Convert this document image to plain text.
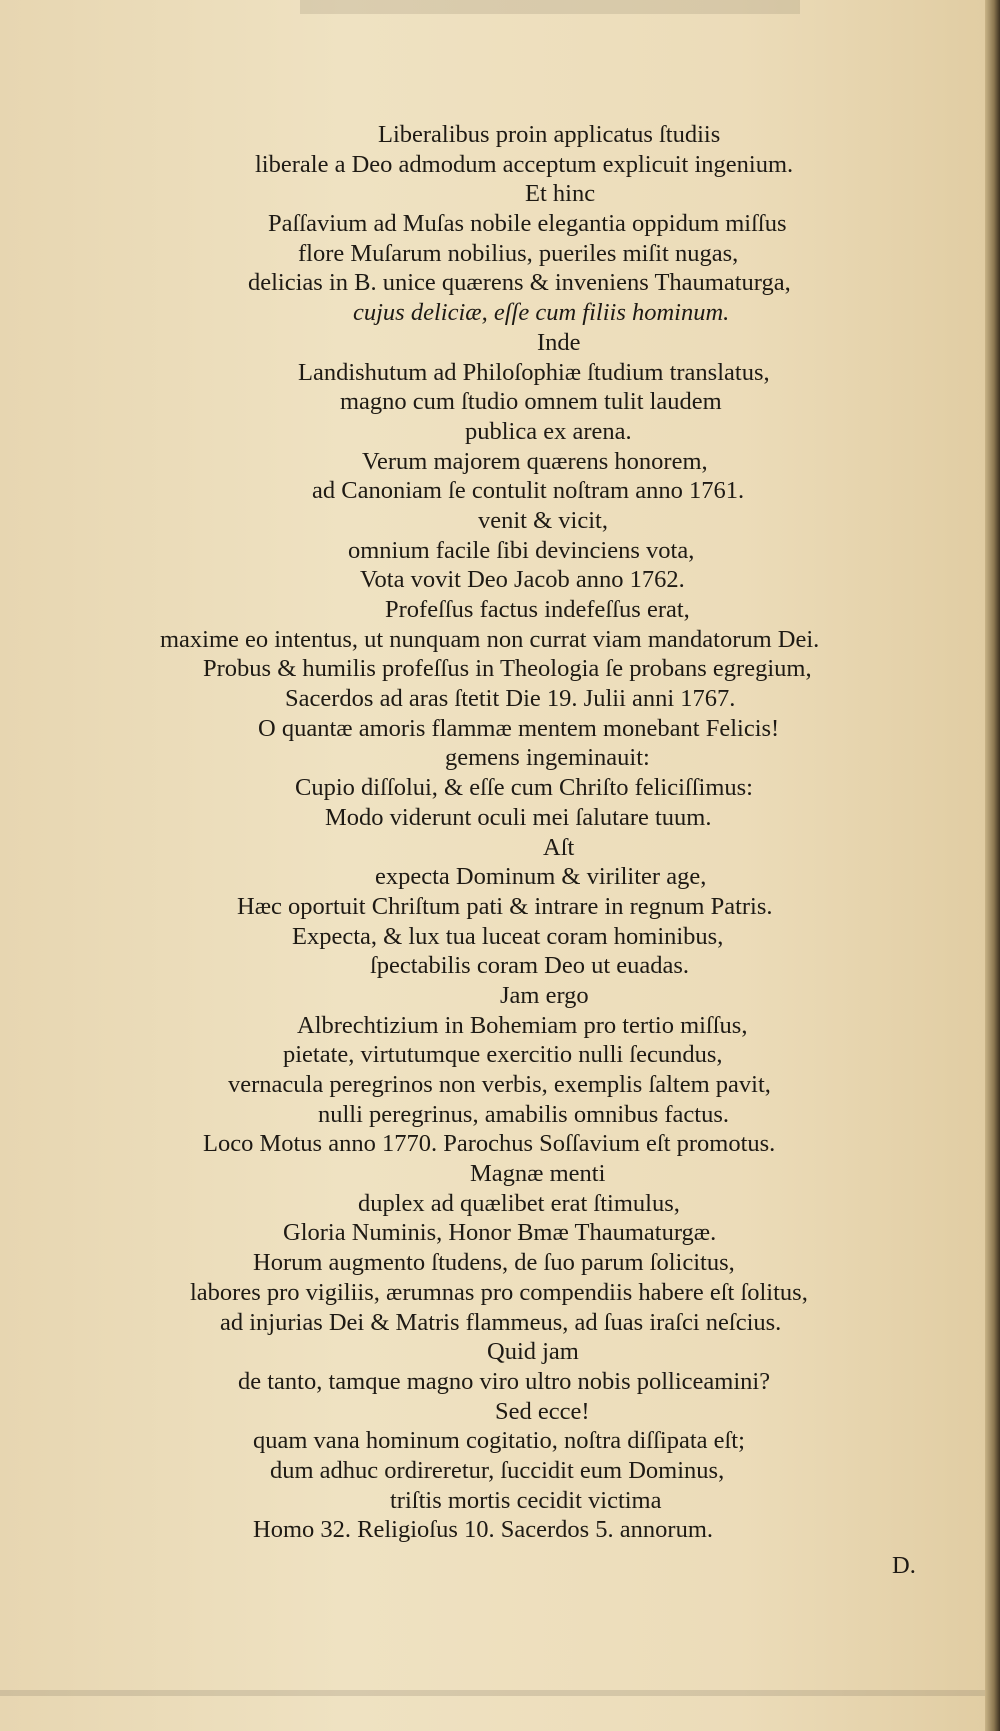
Liberalibus proin applicatus ſtudiis
liberale a Deo admodum acceptum explicuit ingenium.
Et hinc
Paſſavium ad Muſas nobile elegantia oppidum miſſus
flore Muſarum nobilius, pueriles miſit nugas,
delicias in B. unice quærens & inveniens Thaumaturga,
cujus deliciæ, eſſe cum filiis hominum.
Inde
Landishutum ad Philoſophiæ ſtudium translatus,
magno cum ſtudio omnem tulit laudem
publica ex arena.
Verum majorem quærens honorem,
ad Canoniam ſe contulit noſtram anno 1761.
venit & vicit,
omnium facile ſibi devinciens vota,
Vota vovit Deo Jacob anno 1762.
Profeſſus factus indefeſſus erat,
maxime eo intentus, ut nunquam non currat viam mandatorum Dei.
Probus & humilis profeſſus in Theologia ſe probans egregium,
Sacerdos ad aras ſtetit Die 19. Julii anni 1767.
O quantæ amoris flammæ mentem monebant Felicis!
gemens ingeminauit:
Cupio diſſolui, & eſſe cum Chriſto feliciſſimus:
Modo viderunt oculi mei ſalutare tuum.
Aſt
expecta Dominum & viriliter age,
Hæc oportuit Chriſtum pati & intrare in regnum Patris.
Expecta, & lux tua luceat coram hominibus,
ſpectabilis coram Deo ut euadas.
Jam ergo
Albrechtizium in Bohemiam pro tertio miſſus,
pietate, virtutumque exercitio nulli ſecundus,
vernacula peregrinos non verbis, exemplis ſaltem pavit,
nulli peregrinus, amabilis omnibus factus.
Loco Motus anno 1770. Parochus Soſſavium eſt promotus.
Magnæ menti
duplex ad quælibet erat ſtimulus,
Gloria Numinis, Honor Bmæ Thaumaturgæ.
Horum augmento ſtudens, de ſuo parum ſolicitus,
labores pro vigiliis, ærumnas pro compendiis habere eſt ſolitus,
ad injurias Dei & Matris flammeus, ad ſuas iraſci neſcius.
Quid jam
de tanto, tamque magno viro ultro nobis polliceamini?
Sed ecce!
quam vana hominum cogitatio, noſtra diſſipata eſt;
dum adhuc ordireretur, ſuccidit eum Dominus,
triſtis mortis cecidit victima
Homo 32. Religioſus 10. Sacerdos 5. annorum.
D.
